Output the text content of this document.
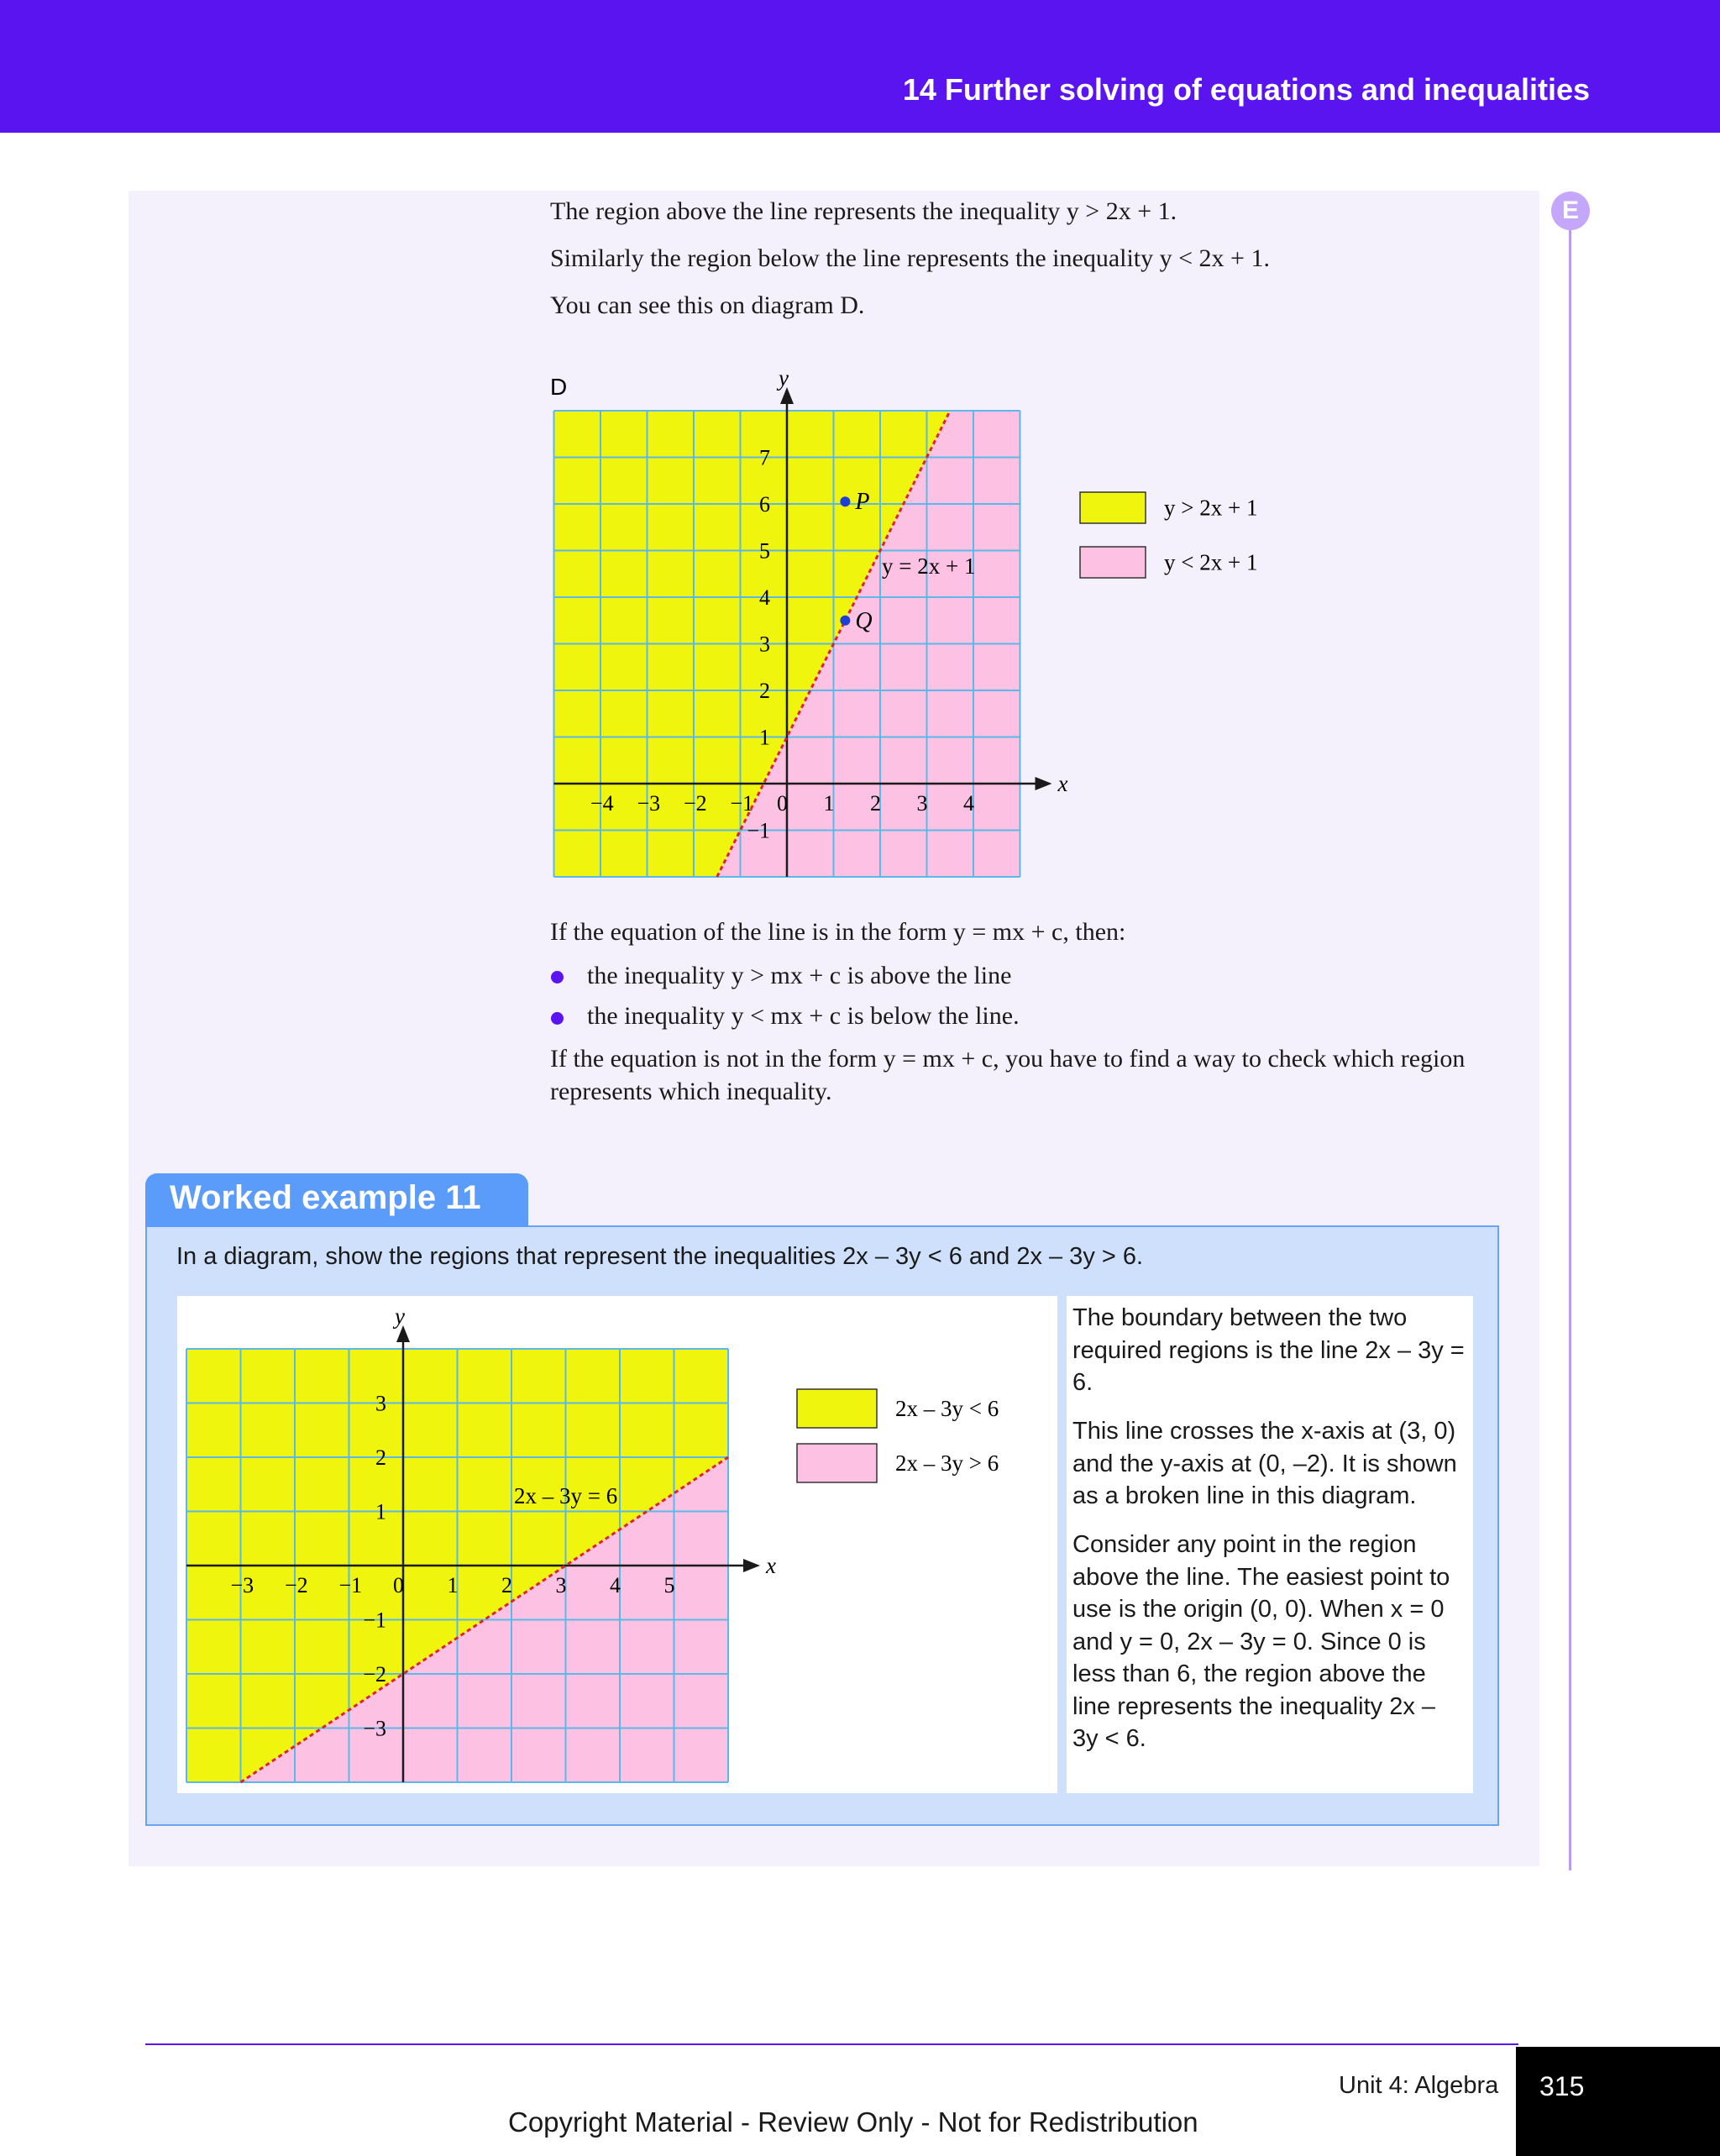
14 Further solving of equations and inequalities
E

The region above the line represents the inequality y > 2x + 1.

Similarly the region below the line represents the inequality y < 2x + 1.

You can see this on diagram D.

x
y
−4 −3 −2 −1 0 1 2 3 4
7
6
5
4
3
2
1
−1
y = 2x + 1
P
Q
D
y > 2x + 1
y < 2x + 1

If the equation of the line is in the form y = mx + c, then:

the inequality y > mx + c is above the line

the inequality y < mx + c is below the line.

If the equation is not in the form y = mx + c, you have to find a way to check which region

represents which inequality.

Worked example 11
In a diagram, show the regions that represent the inequalities 2x – 3y < 6 and 2x – 3y > 6.

The boundary between the two required regions is the line 2x – 3y = 6.

This line crosses the x-axis at (3, 0) and the y-axis at (0, –2). It is shown as a broken line in this diagram.

Consider any point in the region above the line. The easiest point to use is the origin (0, 0). When x = 0 and y = 0, 2x – 3y = 0. Since 0 is less than 6, the region above the line represents the inequality 2x – 3y < 6.

x
y
−3 −2 −1 0 1 2 3 4 5
3
2
1
−1
−2
−3
2x – 3y = 6
2x – 3y < 6
2x – 3y > 6
Unit 4: Algebra 315
Copyright Material - Review Only - Not for Redistribution
